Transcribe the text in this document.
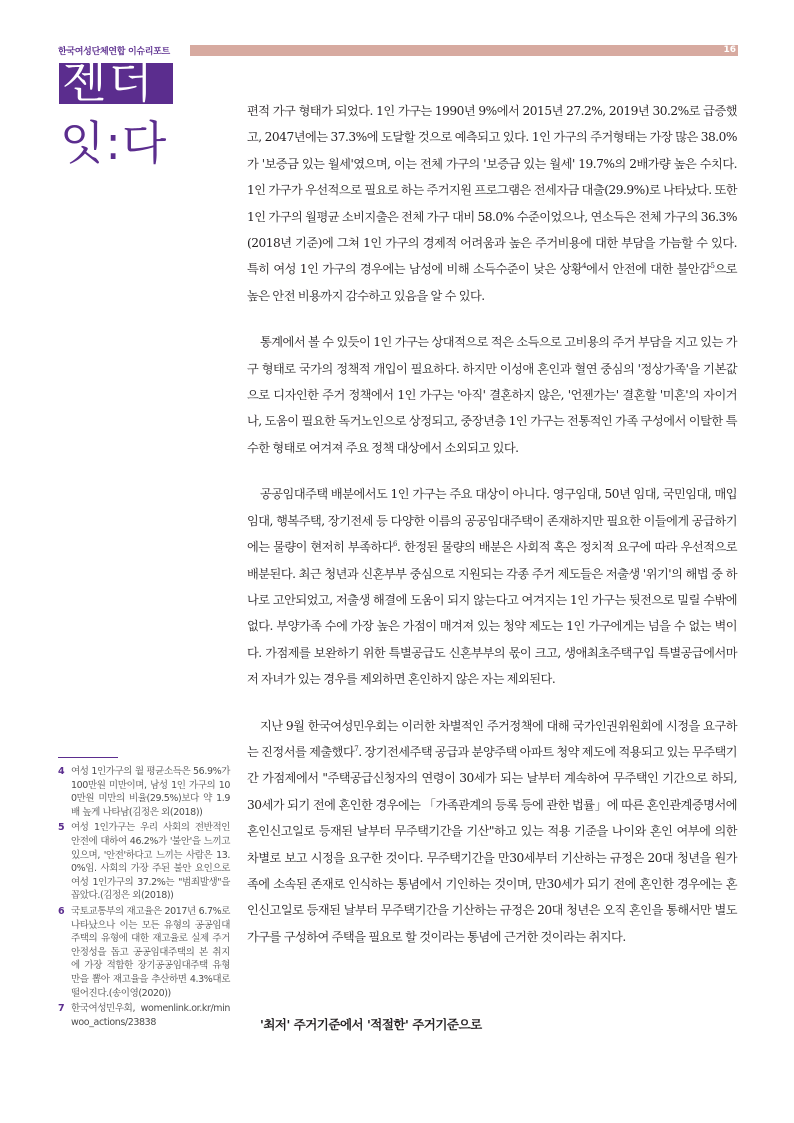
한국여성단체연합 이슈리포트	16
젠더
잇:다

편적 가구 형태가 되었다. 1인 가구는 1990년 9%에서 2015년 27.2%, 2019년 30.2%로 급증했고, 2047년에는 37.3%에 도달할 것으로 예측되고 있다. 1인 가구의 주거형태는 가장 많은 38.0%가 '보증금 있는 월세'였으며, 이는 전체 가구의 '보증금 있는 월세' 19.7%의 2배가량 높은 수치다. 1인 가구가 우선적으로 필요로 하는 주거지원 프로그램은 전세자금 대출(29.9%)로 나타났다. 또한 1인 가구의 월평균 소비지출은 전체 가구 대비 58.0% 수준이었으나, 연소득은 전체 가구의 36.3%(2018년 기준)에 그쳐 1인 가구의 경제적 어려움과 높은 주거비용에 대한 부담을 가늠할 수 있다. 특히 여성 1인 가구의 경우에는 남성에 비해 소득수준이 낮은 상황$^4$에서 안전에 대한 불안감$^5$으로 높은 안전 비용까지 감수하고 있음을 알 수 있다.

통계에서 볼 수 있듯이 1인 가구는 상대적으로 적은 소득으로 고비용의 주거 부담을 지고 있는 가구 형태로 국가의 정책적 개입이 필요하다. 하지만 이성애 혼인과 혈연 중심의 '정상가족'을 기본값으로 디자인한 주거 정책에서 1인 가구는 '아직' 결혼하지 않은, '언젠가는' 결혼할 '미혼'의 자이거나, 도움이 필요한 독거노인으로 상정되고, 중장년층 1인 가구는 전통적인 가족 구성에서 이탈한 특수한 형태로 여겨져 주요 정책 대상에서 소외되고 있다.

공공임대주택 배분에서도 1인 가구는 주요 대상이 아니다. 영구임대, 50년 임대, 국민임대, 매입임대, 행복주택, 장기전세 등 다양한 이름의 공공임대주택이 존재하지만 필요한 이들에게 공급하기에는 물량이 현저히 부족하다$^6$. 한정된 물량의 배분은 사회적 혹은 정치적 요구에 따라 우선적으로 배분된다. 최근 청년과 신혼부부 중심으로 지원되는 각종 주거 제도들은 저출생 '위기'의 해법 중 하나로 고안되었고, 저출생 해결에 도움이 되지 않는다고 여겨지는 1인 가구는 뒷전으로 밀릴 수밖에 없다. 부양가족 수에 가장 높은 가점이 매겨져 있는 청약 제도는 1인 가구에게는 넘을 수 없는 벽이다. 가점제를 보완하기 위한 특별공급도 신혼부부의 몫이 크고, 생애최초주택구입 특별공급에서마저 자녀가 있는 경우를 제외하면 혼인하지 않은 자는 제외된다.

지난 9월 한국여성민우회는 이러한 차별적인 주거정책에 대해 국가인권위원회에 시정을 요구하는 진정서를 제출했다$^7$. 장기전세주택 공급과 분양주택 아파트 청약 제도에 적용되고 있는 무주택기간 가점제에서 "주택공급신청자의 연령이 30세가 되는 날부터 계속하여 무주택인 기간으로 하되, 30세가 되기 전에 혼인한 경우에는 「가족관계의 등록 등에 관한 법률」에 따른 혼인관계증명서에 혼인신고일로 등재된 날부터 무주택기간을 기산"하고 있는 적용 기준을 나이와 혼인 여부에 의한 차별로 보고 시정을 요구한 것이다. 무주택기간을 만30세부터 기산하는 규정은 20대 청년을 원가족에 소속된 존재로 인식하는 통념에서 기인하는 것이며, 만30세가 되기 전에 혼인한 경우에는 혼인신고일로 등재된 날부터 무주택기간을 기산하는 규정은 20대 청년은 오직 혼인을 통해서만 별도가구를 구성하여 주택을 필요로 할 것이라는 통념에 근거한 것이라는 취지다.

'최저' 주거기준에서 '적절한' 주거기준으로
4 여성 1인가구의 월 평균소득은 56.9%가 100만원 미만이며, 남성 1인 가구의 100만원 미만의 비율(29.5%)보다 약 1.9배 높게 나타남(김정은 외(2018))
5 여성 1인가구는 우리 사회의 전반적인 안전에 대하여 46.2%가 '불안'을 느끼고 있으며, '안전'하다고 느끼는 사람은 13.0%임. 사회의 가장 주된 불안 요인으로 여성 1인가구의 37.2%는 "범죄발생"을 꼽았다.(김정은 외(2018))
6 국토교통부의 재고율은 2017년 6.7%로 나타났으나 이는 모든 유형의 공공임대주택의 유형에 대한 재고율로 실제 주거안정성을 돕고 공공임대주택의 본 취지에 가장 적합한 장기공공임대주택 유형만을 뽑아 재고율을 추산하면 4.3%대로 떨어진다.(송이영(2020))
7 한국여성민우회, womenlink.or.kr/minwoo_actions/23838
